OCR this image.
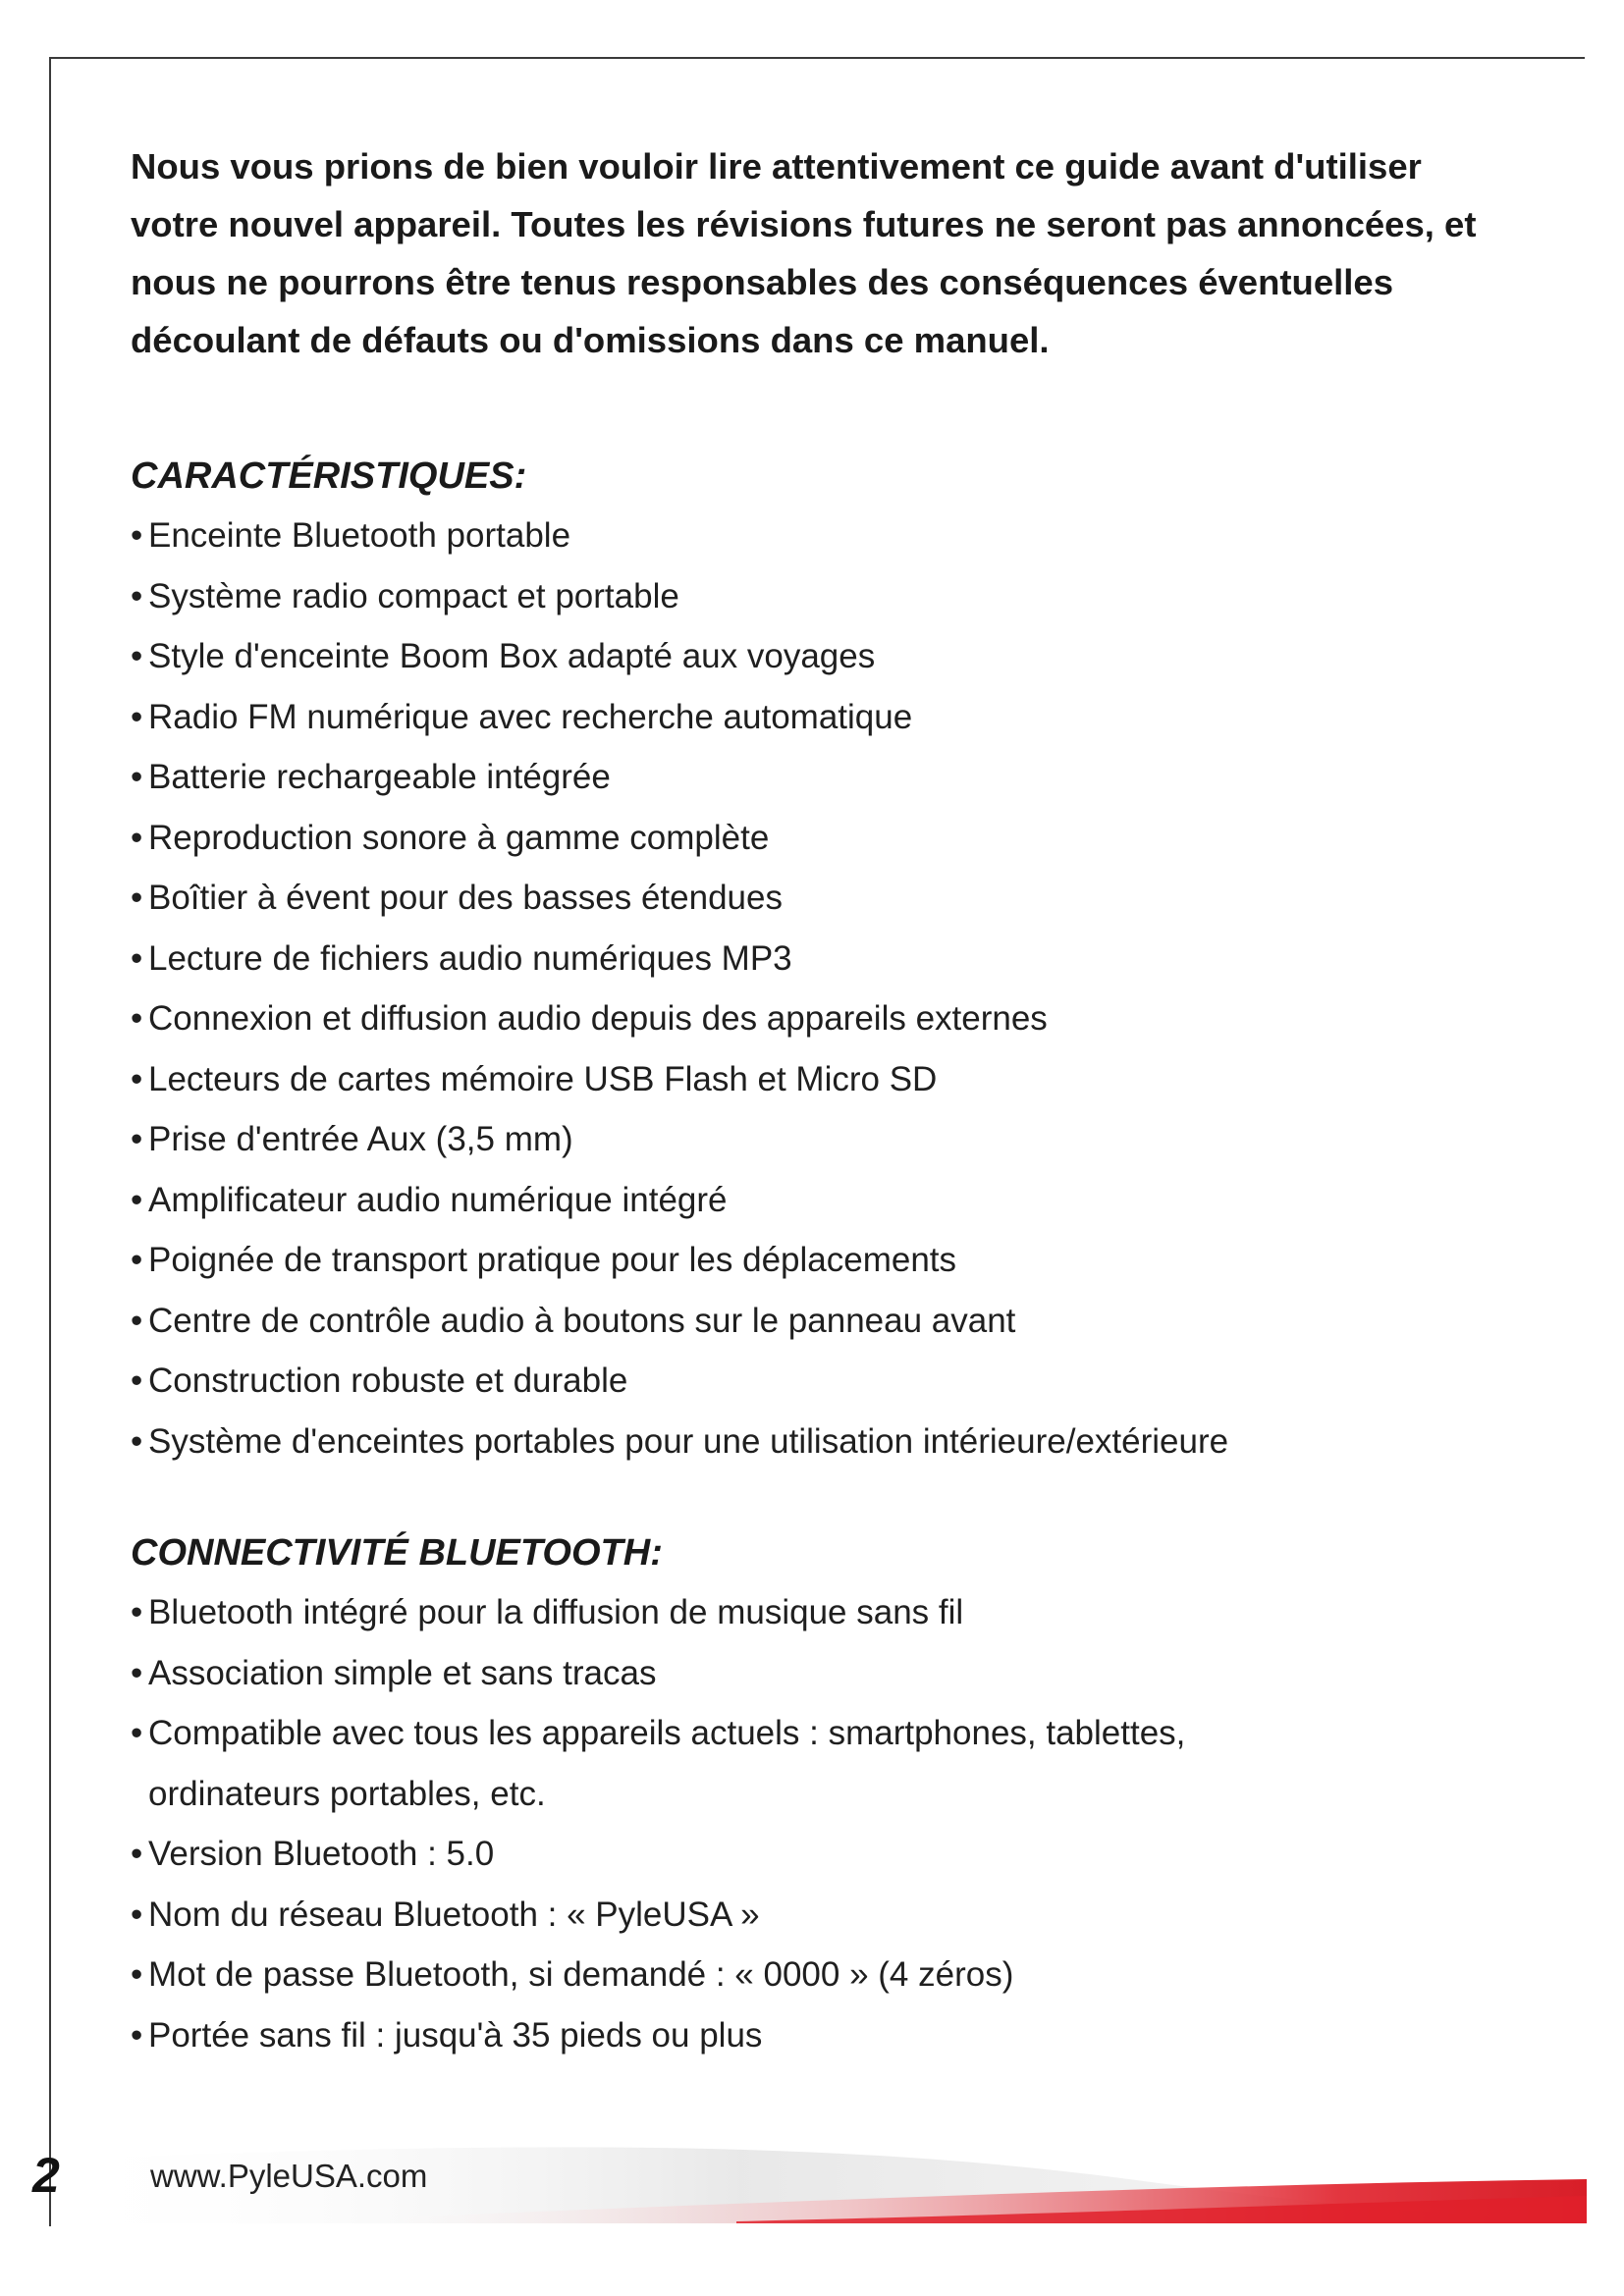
Nous vous prions de bien vouloir lire attentivement ce guide avant d'utiliser votre nouvel appareil. Toutes les révisions futures ne seront pas annoncées, et nous ne pourrons être tenus responsables des conséquences éventuelles découlant de défauts ou d'omissions dans ce manuel.

CARACTÉRISTIQUES:
• Enceinte Bluetooth portable
• Système radio compact et portable
• Style d'enceinte Boom Box adapté aux voyages
• Radio FM numérique avec recherche automatique
• Batterie rechargeable intégrée
• Reproduction sonore à gamme complète
• Boîtier à évent pour des basses étendues
• Lecture de fichiers audio numériques MP3
• Connexion et diffusion audio depuis des appareils externes
• Lecteurs de cartes mémoire USB Flash et Micro SD
• Prise d'entrée Aux (3,5 mm)
• Amplificateur audio numérique intégré
• Poignée de transport pratique pour les déplacements
• Centre de contrôle audio à boutons sur le panneau avant
• Construction robuste et durable
• Système d'enceintes portables pour une utilisation intérieure/extérieure
CONNECTIVITÉ BLUETOOTH:
• Bluetooth intégré pour la diffusion de musique sans fil
• Association simple et sans tracas
• Compatible avec tous les appareils actuels : smartphones, tablettes, ordinateurs portables, etc.
• Version Bluetooth : 5.0
• Nom du réseau Bluetooth : « PyleUSA »
• Mot de passe Bluetooth, si demandé : « 0000 » (4 zéros)
• Portée sans fil : jusqu'à 35 pieds ou plus
2	www.PyleUSA.com
